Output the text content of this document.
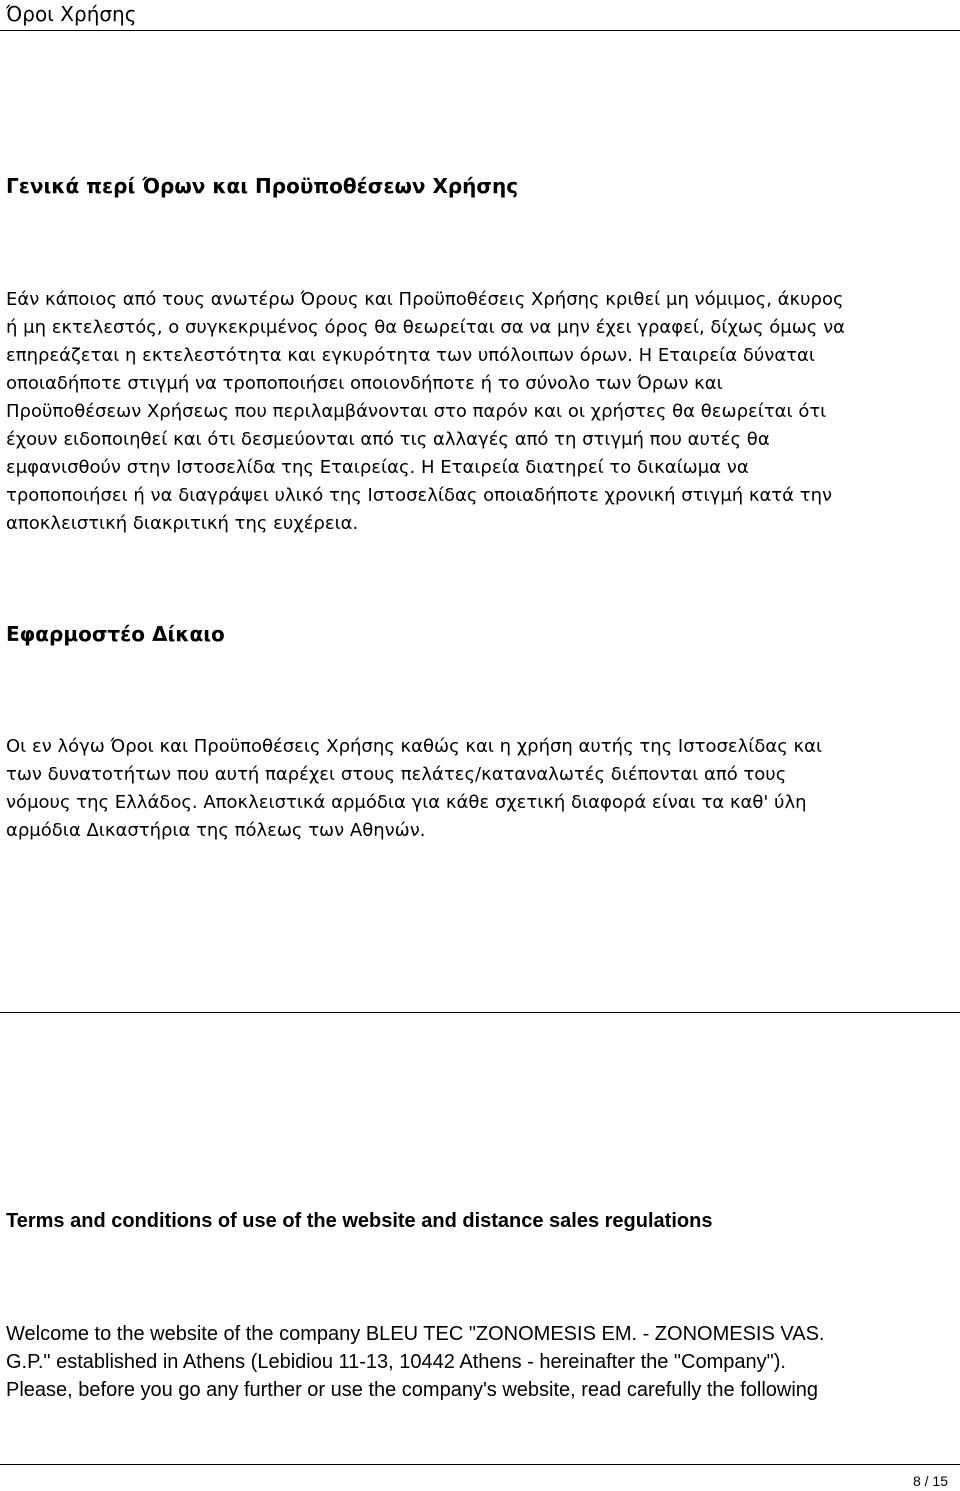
Όροι Χρήσης
Γενικά περί Όρων και Προϋποθέσεων Χρήσης

Εάν κάποιος από τους ανωτέρω Όρους και Προϋποθέσεις Χρήσης κριθεί μη νόμιμος, άκυρος
ή μη εκτελεστός, ο συγκεκριμένος όρος θα θεωρείται σα να μην έχει γραφεί, δίχως όμως να
επηρεάζεται η εκτελεστότητα και εγκυρότητα των υπόλοιπων όρων. Η Εταιρεία δύναται
οποιαδήποτε στιγμή να τροποποιήσει οποιονδήποτε ή το σύνολο των Όρων και
Προϋποθέσεων Χρήσεως που περιλαμβάνονται στο παρόν και οι χρήστες θα θεωρείται ότι
έχουν ειδοποιηθεί και ότι δεσμεύονται από τις αλλαγές από τη στιγμή που αυτές θα
εμφανισθούν στην Ιστοσελίδα της Εταιρείας. Η Εταιρεία διατηρεί το δικαίωμα να
τροποποιήσει ή να διαγράψει υλικό της Ιστοσελίδας οποιαδήποτε χρονική στιγμή κατά την
αποκλειστική διακριτική της ευχέρεια.

Εφαρμοστέο Δίκαιο

Οι εν λόγω Όροι και Προϋποθέσεις Χρήσης καθώς και η χρήση αυτής της Ιστοσελίδας και
των δυνατοτήτων που αυτή παρέχει στους πελάτες/καταναλωτές διέπονται από τους
νόμους της Ελλάδος. Αποκλειστικά αρμόδια για κάθε σχετική διαφορά είναι τα καθ' ύλη
αρμόδια Δικαστήρια της πόλεως των Αθηνών.

Terms and conditions of use of the website and distance sales regulations

Welcome to the website of the company BLEU TEC "ZONOMESIS EM. - ZONOMESIS VAS.
G.P." established in Athens (Lebidiou 11-13, 10442 Athens - hereinafter the "Company").
Please, before you go any further or use the company's website, read carefully the following

8 / 15
